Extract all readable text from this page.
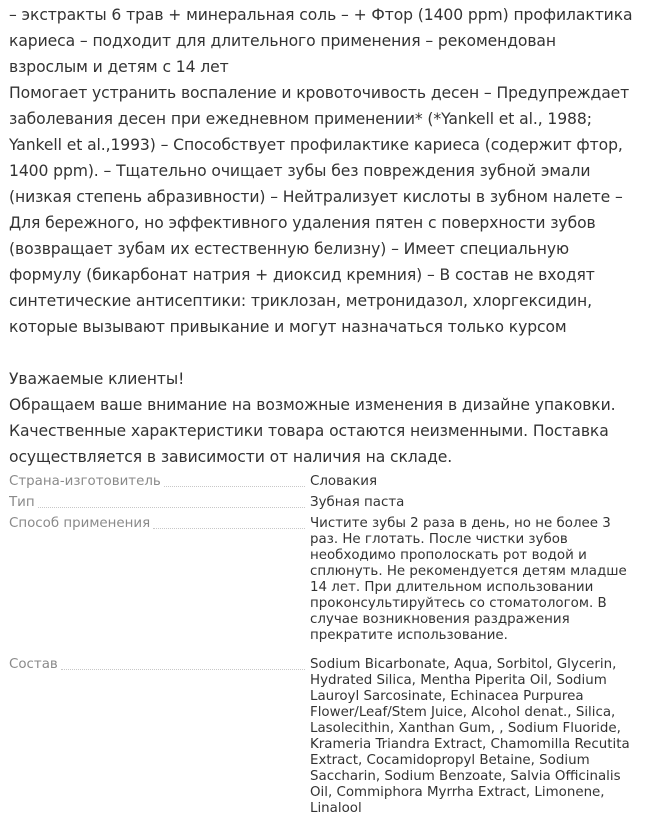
– экстракты 6 трав + минеральная соль – + Фтор (1400 ppm) профилактика кариеса – подходит для длительного применения – рекомендован взрослым и детям с 14 лет

Помогает устранить воспаление и кровоточивость десен – Предупреждает заболевания десен при ежедневном применении* (*Yankell et al., 1988; Yankell et al.,1993) – Способствует профилактике кариеса (содержит фтор, 1400 ppm). – Тщательно очищает зубы без повреждения зубной эмали (низкая степень абразивности) – Нейтрализует кислоты в зубном налете – Для бережного, но эффективного удаления пятен с поверхности зубов (возвращает зубам их естественную белизну) – Имеет специальную формулу (бикарбонат натрия + диоксид кремния) – В состав не входят синтетические антисептики: триклозан, метронидазол, хлоргексидин, которые вызывают привыкание и могут назначаться только курсом

Уважаемые клиенты!

Обращаем ваше внимание на возможные изменения в дизайне упаковки. Качественные характеристики товара остаются неизменными. Поставка осуществляется в зависимости от наличия на складе.

Страна-изготовитель	Словакия
Тип	Зубная паста
Способ применения	Чистите зубы 2 раза в день, но не более 3 раз. Не глотать. После чистки зубов необходимо прополоскать рот водой и сплюнуть. Не рекомендуется детям младше 14 лет. При длительном использовании проконсультируйтесь со стоматологом. В случае возникновения раздражения прекратите использование.
Состав	Sodium Bicarbonate, Aqua, Sorbitol, Glycerin, Hydrated Silica, Mentha Piperita Oil, Sodium Lauroyl Sarcosinate, Echinacea Purpurea Flower/Leaf/Stem Juice, Alcohol denat., Silica, Lasolecithin, Xanthan Gum, , Sodium Fluoride, Krameria Triandra Extract, Chamomilla Recutita Extract, Cocamidopropyl Betaine, Sodium Saccharin, Sodium Benzoate, Salvia Officinalis Oil, Commiphora Myrrha Extract, Limonene, Linalool
